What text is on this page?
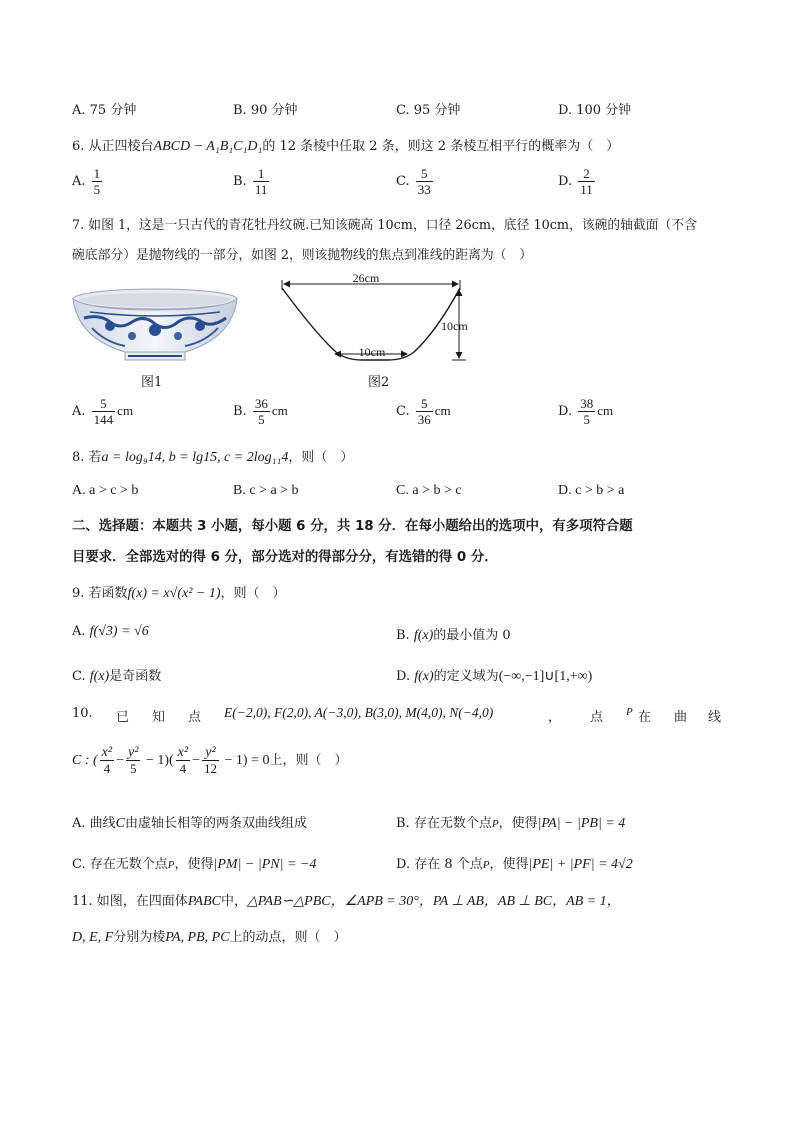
A. 75 分钟	B. 90 分钟	C. 95 分钟	D. 100 分钟
6. 从正四棱台ABCD − A₁B₁C₁D₁的 12 条棱中任取 2 条，则这 2 条棱互相平行的概率为（　）
A. $\frac{1}{5}$	B. $\frac{1}{11}$	C. $\frac{5}{33}$	D. $\frac{2}{11}$
7. 如图 1，这是一只古代的青花牡丹纹碗.已知该碗高 10cm，口径 26cm，底径 10cm，该碗的轴截面（不含
碗底部分）是抛物线的一部分，如图 2，则该抛物线的焦点到准线的距离为（　）
图1
26cm
10cm
10cm
图2
A. $\frac{5}{144}$ cm	B. $\frac{36}{5}$ cm	C. $\frac{5}{36}$ cm	D. $\frac{38}{5}$ cm
8. 若a = log₉14, b = lg15, c = 2log₁₁4，则（　）
A. a > c > b	B. c > a > b	C. a > b > c	D. c > b > a
二、选择题：本题共 3 小题，每小题 6 分，共 18 分．在每小题给出的选项中，有多项符合题
目要求．全部选对的得 6 分，部分选对的得部分分，有选错的得 0 分．
9. 若函数f(x) = x√(x² − 1)，则（　）
A. f(√3) = √6	B. f(x)的最小值为 0
C. f(x)是奇函数	D. f(x)的定义域为(−∞,−1]∪[1,+∞)
10. 已 知 点 E(−2,0), F(2,0), A(−3,0), B(3,0), M(4,0), N(−4,0)	， 点 P 在 曲 线
C : ( $\frac{\text{x²}}{4} - \frac{\text{y²}}{5} - 1)( \frac{\text{x²}}{4} - \frac{\text{y²}}{12} - 1) = 0$上，则（　）
A. 曲线C由虚轴长相等的两条双曲线组成	B. 存在无数个点P，使得|PA| − |PB| = 4
C. 存在无数个点P，使得|PM| − |PN| = −4	D. 存在 8 个点P，使得|PE| + |PF| = 4√2
11. 如图，在四面体PABC中，△PAB∽△PBC，∠APB = 30°，PA ⊥ AB，AB ⊥ BC，AB = 1，
D, E, F分别为棱PA, PB, PC上的动点，则（　）
